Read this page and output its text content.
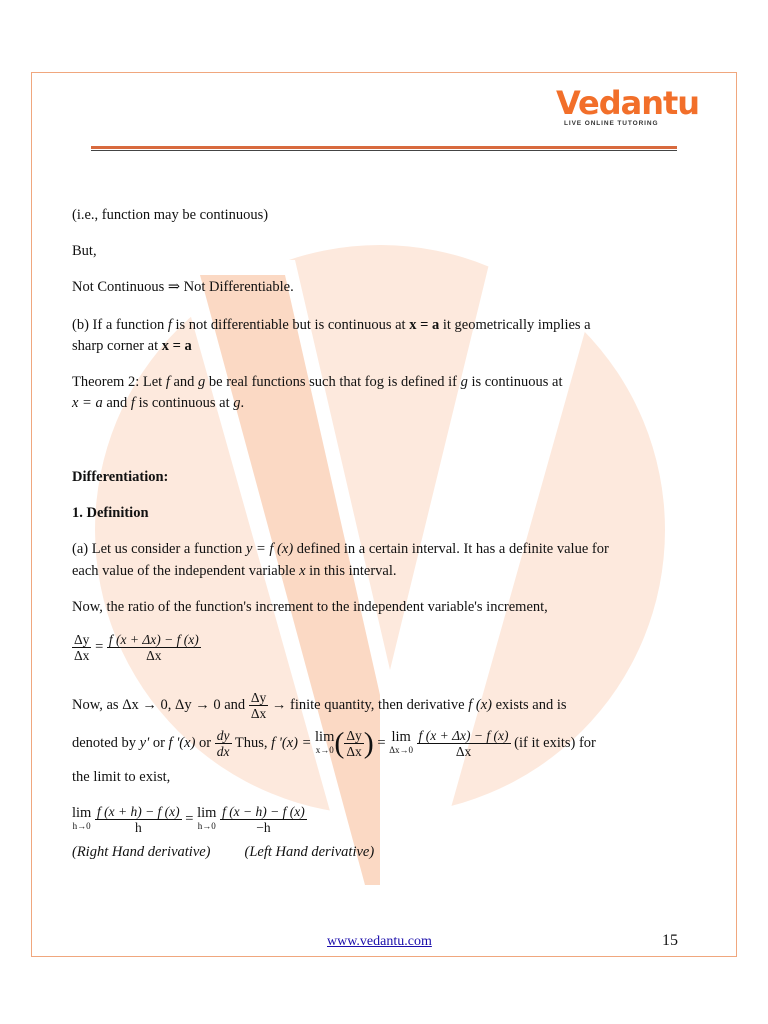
Vedantu
LIVE ONLINE TUTORING
(i.e., function may be continuous)
But,
Not Continuous ⇒ Not Differentiable.
(b) If a function f is not differentiable but is continuous at x = a it geometrically implies a
sharp corner at x = a
Theorem 2: Let f and g be real functions such that fog is defined if g is continuous at
x = a and f is continuous at g.
Differentiation:
1. Definition
(a) Let us consider a function y = f (x) defined in a certain interval. It has a definite value for
each value of the independent variable x in this interval.
Now, the ratio of the function's increment to the independent variable's increment,
$\frac{\Delta y}{\Delta x} = \frac{f (x + \Delta x) - f (x)}{\Delta x}$
Now, as Δx → 0, Δy → 0 and $\frac{\Delta y}{\Delta x}$ → finite quantity, then derivative f (x) exists and is
denoted by y' or f '(x) or $\frac{dy}{dx}$ Thus, f '(x) = lim
x→0 ( $\frac{\Delta y}{\Delta x}$ ) = lim
Δx→0
$\frac{f (x + \Delta x) - f (x)}{\Delta x} (if$ it exits) for
the limit to exist,
lim
h→0
$\frac{f (x + h) - f (x)}{h} = \lim$
h→0
$\frac{f (x - h) - f (x)}{-h}$
(Right Hand derivative) (Left Hand derivative)
www.vedantu.com	15
